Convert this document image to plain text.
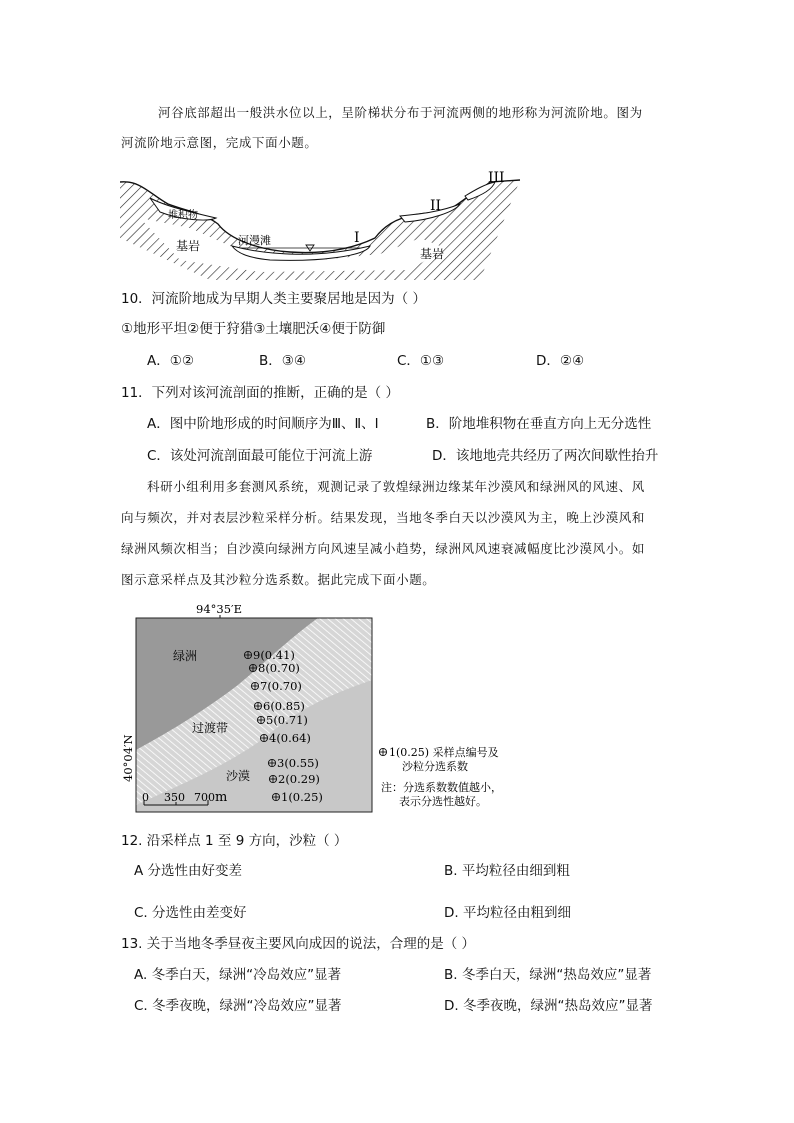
河谷底部超出一般洪水位以上，呈阶梯状分布于河流两侧的地形称为河流阶地。图为
河流阶地示意图，完成下面小题。
堆积物
基岩	河漫滩
基岩
I
II
III
10．河流阶地成为早期人类主要聚居地是因为（ ）
①地形平坦②便于狩猎③土壤肥沃④便于防御
A．①②	B．③④	C．①③	D．②④
11．下列对该河流剖面的推断，正确的是（ ）
A．图中阶地形成的时间顺序为Ⅲ、Ⅱ、Ⅰ	B．阶地堆积物在垂直方向上无分选性
C．该处河流剖面最可能位于河流上游	D．该地地壳共经历了两次间歇性抬升
科研小组利用多套测风系统，观测记录了敦煌绿洲边缘某年沙漠风和绿洲风的风速、风
向与频次，并对表层沙粒采样分析。结果发现，当地冬季白天以沙漠风为主，晚上沙漠风和
绿洲风频次相当；自沙漠向绿洲方向风速呈减小趋势，绿洲风风速衰减幅度比沙漠风小。如
图示意采样点及其沙粒分选系数。据此完成下面小题。
94°35′E
绿洲
过渡带
沙漠
40°04′N
9(0.41)
8(0.70)
7(0.70)
6(0.85)
5(0.71)
4(0.64)
3(0.55)
2(0.29)
1(0.25)
0 350 700 m
1(0.25) 采样点编号及
沙粒分选系数
注：分选系数数值越小，
表示分选性越好。
12. 沿采样点 1 至 9 方向，沙粒（ ）
A 分选性由好变差	B. 平均粒径由细到粗
C. 分选性由差变好	D. 平均粒径由粗到细
13. 关于当地冬季昼夜主要风向成因的说法，合理的是（ ）
A. 冬季白天，绿洲“冷岛效应”显著	B. 冬季白天，绿洲“热岛效应”显著
C. 冬季夜晚，绿洲“冷岛效应”显著	D. 冬季夜晚，绿洲“热岛效应”显著
